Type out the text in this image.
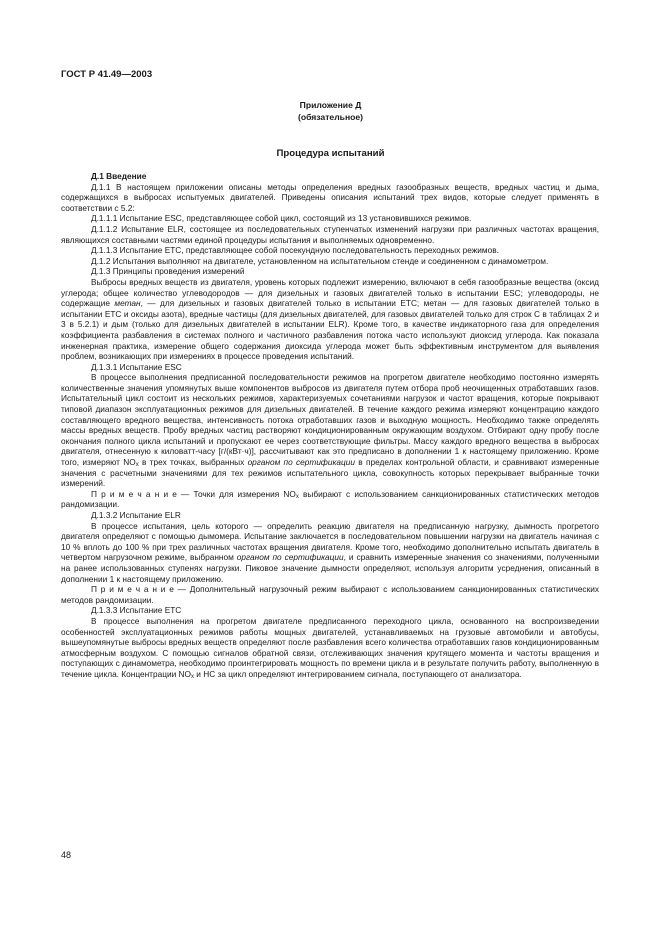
ГОСТ Р 41.49—2003
Приложение Д
(обязательное)
Процедура испытаний

Д.1 Введение

Д.1.1 В настоящем приложении описаны методы определения вредных газообразных веществ, вредных частиц и дыма, содержащихся в выбросах испытуемых двигателей. Приведены описания испытаний трех видов, которые следует применять в соответствии с 5.2:

Д.1.1.1 Испытание ESC, представляющее собой цикл, состоящий из 13 установившихся режимов.

Д.1.1.2 Испытание ELR, состоящее из последовательных ступенчатых изменений нагрузки при различных частотах вращения, являющихся составными частями единой процедуры испытания и выполняемых одновременно.

Д.1.1.3 Испытание ETC, представляющее собой посекундную последовательность переходных режимов.

Д.1.2 Испытания выполняют на двигателе, установленном на испытательном стенде и соединенном с динамометром.

Д.1.3 Принципы проведения измерений

Выбросы вредных веществ из двигателя, уровень которых подлежит измерению, включают в себя газообразные вещества (оксид углерода; общее количество углеводородов — для дизельных и газовых двигателей только в испытании ESC; углеводороды, не содержащие метан, — для дизельных и газовых двигателей только в испытании ETC; метан — для газовых двигателей только в испытании ETC и оксиды азота), вредные частицы (для дизельных двигателей, для газовых двигателей только для строк С в таблицах 2 и 3 в 5.2.1) и дым (только для дизельных двигателей в испытании ELR). Кроме того, в качестве индикаторного газа для определения коэффициента разбавления в системах полного и частичного разбавления потока часто используют диоксид углерода. Как показала инженерная практика, измерение общего содержания диоксида углерода может быть эффективным инструментом для выявления проблем, возникающих при измерениях в процессе проведения испытаний.

Д.1.3.1 Испытание ESC

В процессе выполнения предписанной последовательности режимов на прогретом двигателе необходимо постоянно измерять количественные значения упомянутых выше компонентов выбросов из двигателя путем отбора проб неочищенных отработавших газов. Испытательный цикл состоит из нескольких режимов, характеризуемых сочетаниями нагрузок и частот вращения, которые покрывают типовой диапазон эксплуатационных режимов для дизельных двигателей. В течение каждого режима измеряют концентрацию каждого составляющего вредного вещества, интенсивность потока отработавших газов и выходную мощность. Необходимо также определять массы вредных веществ. Пробу вредных частиц растворяют кондиционированным окружающим воздухом. Отбирают одну пробу после окончания полного цикла испытаний и пропускают ее через соответствующие фильтры. Массу каждого вредного вещества в выбросах двигателя, отнесенную к киловатт-часу [г/(кВт·ч)], рассчитывают как это предписано в дополнении 1 к настоящему приложению. Кроме того, измеряют $NO_x$ в трех точках, выбранных органом по сертификации в пределах контрольной области, и сравнивают измеренные значения с расчетными значениями для тех режимов испытательного цикла, совокупность которых перекрывает выбранные точки измерений.

П р и м е ч а н и е — Точки для измерения $NO_x$ выбирают с использованием санкционированных статистических методов рандомизации.

Д.1.3.2 Испытание ELR

В процессе испытания, цель которого — определить реакцию двигателя на предписанную нагрузку, дымность прогретого двигателя определяют с помощью дымомера. Испытание заключается в последовательном повышении нагрузки на двигатель начиная с 10 % вплоть до 100 % при трех различных частотах вращения двигателя. Кроме того, необходимо дополнительно испытать двигатель в четвертом нагрузочном режиме, выбранном органом по сертификации, и сравнить измеренные значения со значениями, полученными на ранее использованных ступенях нагрузки. Пиковое значение дымности определяют, используя алгоритм усреднения, описанный в дополнении 1 к настоящему приложению.

П р и м е ч а н и е — Дополнительный нагрузочный режим выбирают с использованием санкционированных статистических методов рандомизации.

Д.1.3.3 Испытание ETC

В процессе выполнения на прогретом двигателе предписанного переходного цикла, основанного на воспроизведении особенностей эксплуатационных режимов работы мощных двигателей, устанавливаемых на грузовые автомобили и автобусы, вышеупомянутые выбросы вредных веществ определяют после разбавления всего количества отработавших газов кондиционированным атмосферным воздухом. С помощью сигналов обратной связи, отслеживающих значения крутящего момента и частоты вращения и поступающих с динамометра, необходимо проинтегрировать мощность по времени цикла и в результате получить работу, выполненную в течение цикла. Концентрации $NO_x$ и НС за цикл определяют интегрированием сигнала, поступающего от анализатора.

48
